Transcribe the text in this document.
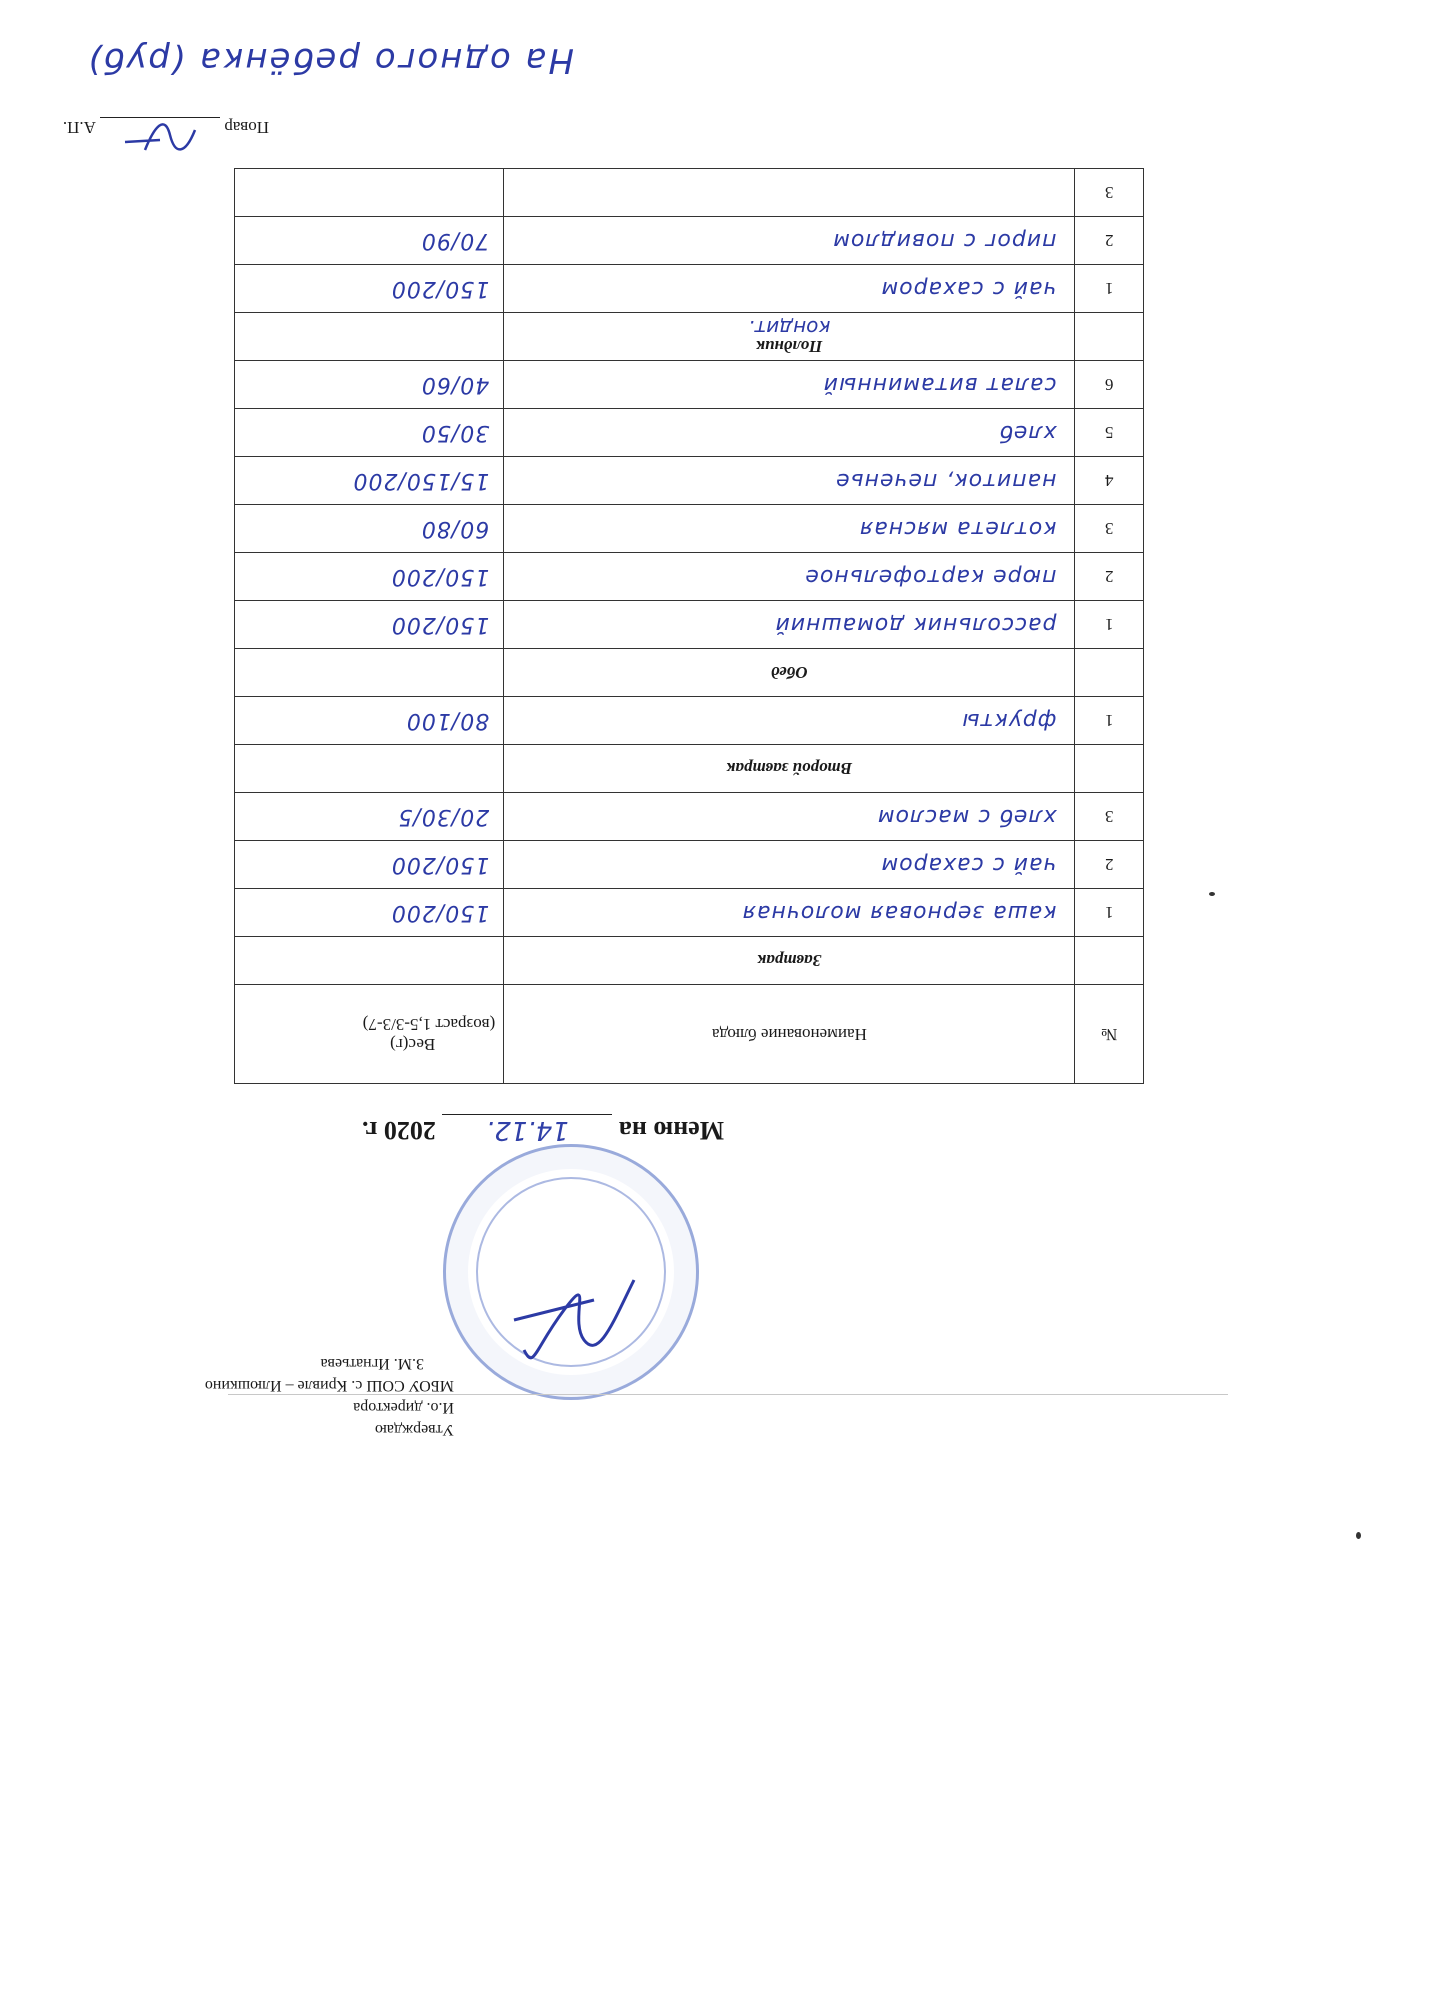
Утверждаю
И.о. директора
МБОУ СОШ с. Кривле – Илюшкино
З.М. Игнатьева
Меню на 14.12. 2020 г.
№	Наименование блюда	Вес(г)
(возраст 1,5-3/3-7)

	Завтрак	
1	каша зерновая молочная	150/200
2	чай с сахаром	150/200
3	хлеб с маслом	20/30/5
	Второй завтрак	
1	фрукты	80/100
	Обед	
1	рассольник домашний	150/200
2	пюре картофельное	150/200
3	котлета мясная	60/80
4	напиток, печенье	15/150/200
5	хлеб	30/50
6	салат витаминный	40/60
	Полдник
кондит.	

1	чай с сахаром	150/200
2	пирог с повидлом	70/90
3		
Повар
А.П.
На одного ребёнка (руб)
